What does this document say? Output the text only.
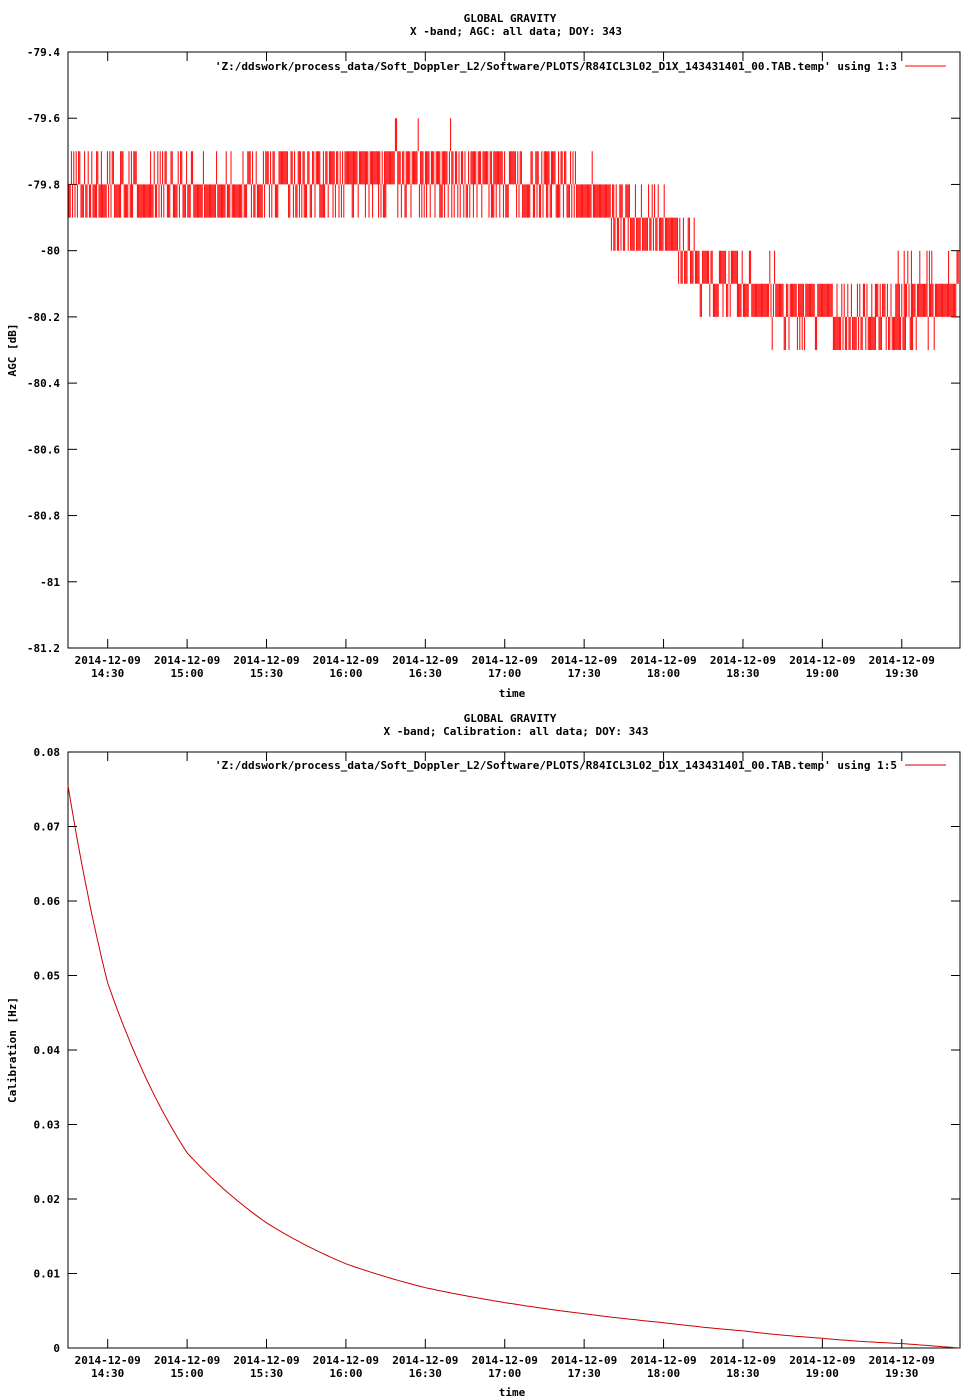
GLOBAL GRAVITY
X -band; AGC: all data; DOY: 343
-79.4
-79.6
-79.8
-80
-80.2
-80.4
-80.6
-80.8
-81
-81.2
2014-12-09
14:30
2014-12-09
15:00
2014-12-09
15:30
2014-12-09
16:00
2014-12-09
16:30
2014-12-09
17:00
2014-12-09
17:30
2014-12-09
18:00
2014-12-09
18:30
2014-12-09
19:00
2014-12-09
19:30
'Z:/ddswork/process_data/Soft_Doppler_L2/Software/PLOTS/R84ICL3L02_D1X_143431401_00.TAB.temp' using 1:3
time
AGC [dB]
GLOBAL GRAVITY
X -band; Calibration: all data; DOY: 343
0
0.01
0.02
0.03
0.04
0.05
0.06
0.07
0.08
2014-12-09
14:30
2014-12-09
15:00
2014-12-09
15:30
2014-12-09
16:00
2014-12-09
16:30
2014-12-09
17:00
2014-12-09
17:30
2014-12-09
18:00
2014-12-09
18:30
2014-12-09
19:00
2014-12-09
19:30
'Z:/ddswork/process_data/Soft_Doppler_L2/Software/PLOTS/R84ICL3L02_D1X_143431401_00.TAB.temp' using 1:5
time
Calibration [Hz]
